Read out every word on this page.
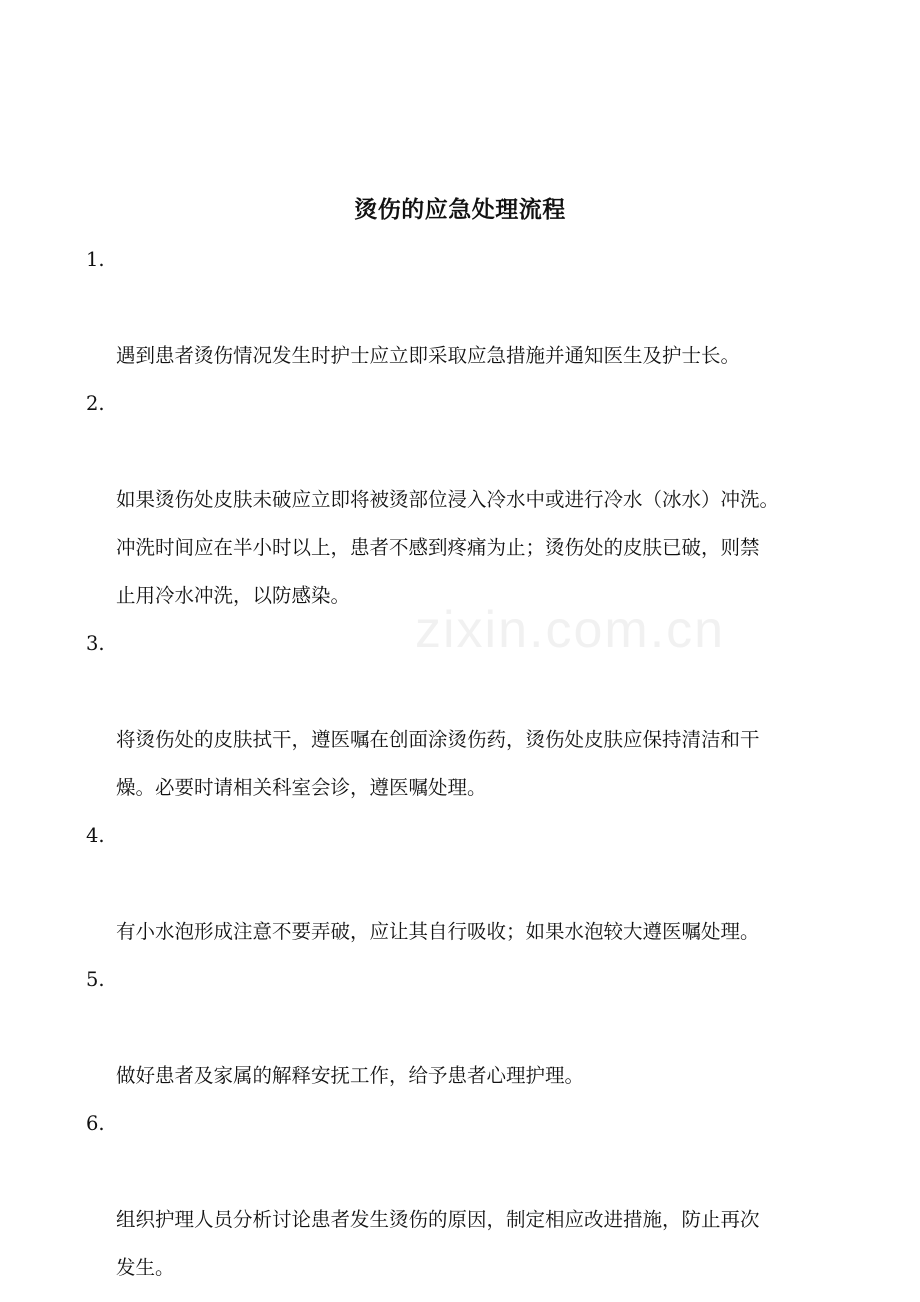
烫伤的应急处理流程

1.

遇到患者烫伤情况发生时护士应立即采取应急措施并通知医生及护士长。

2.

如果烫伤处皮肤未破应立即将被烫部位浸入冷水中或进行冷水（冰水）冲洗。
冲洗时间应在半小时以上，患者不感到疼痛为止；烫伤处的皮肤已破，则禁
止用冷水冲洗，以防感染。

3.

将烫伤处的皮肤拭干，遵医嘱在创面涂烫伤药，烫伤处皮肤应保持清洁和干
燥。必要时请相关科室会诊，遵医嘱处理。

4.

有小水泡形成注意不要弄破，应让其自行吸收；如果水泡较大遵医嘱处理。

5.

做好患者及家属的解释安抚工作，给予患者心理护理。

6.

组织护理人员分析讨论患者发生烫伤的原因，制定相应改进措施，防止再次
发生。

zixin.com.cn
